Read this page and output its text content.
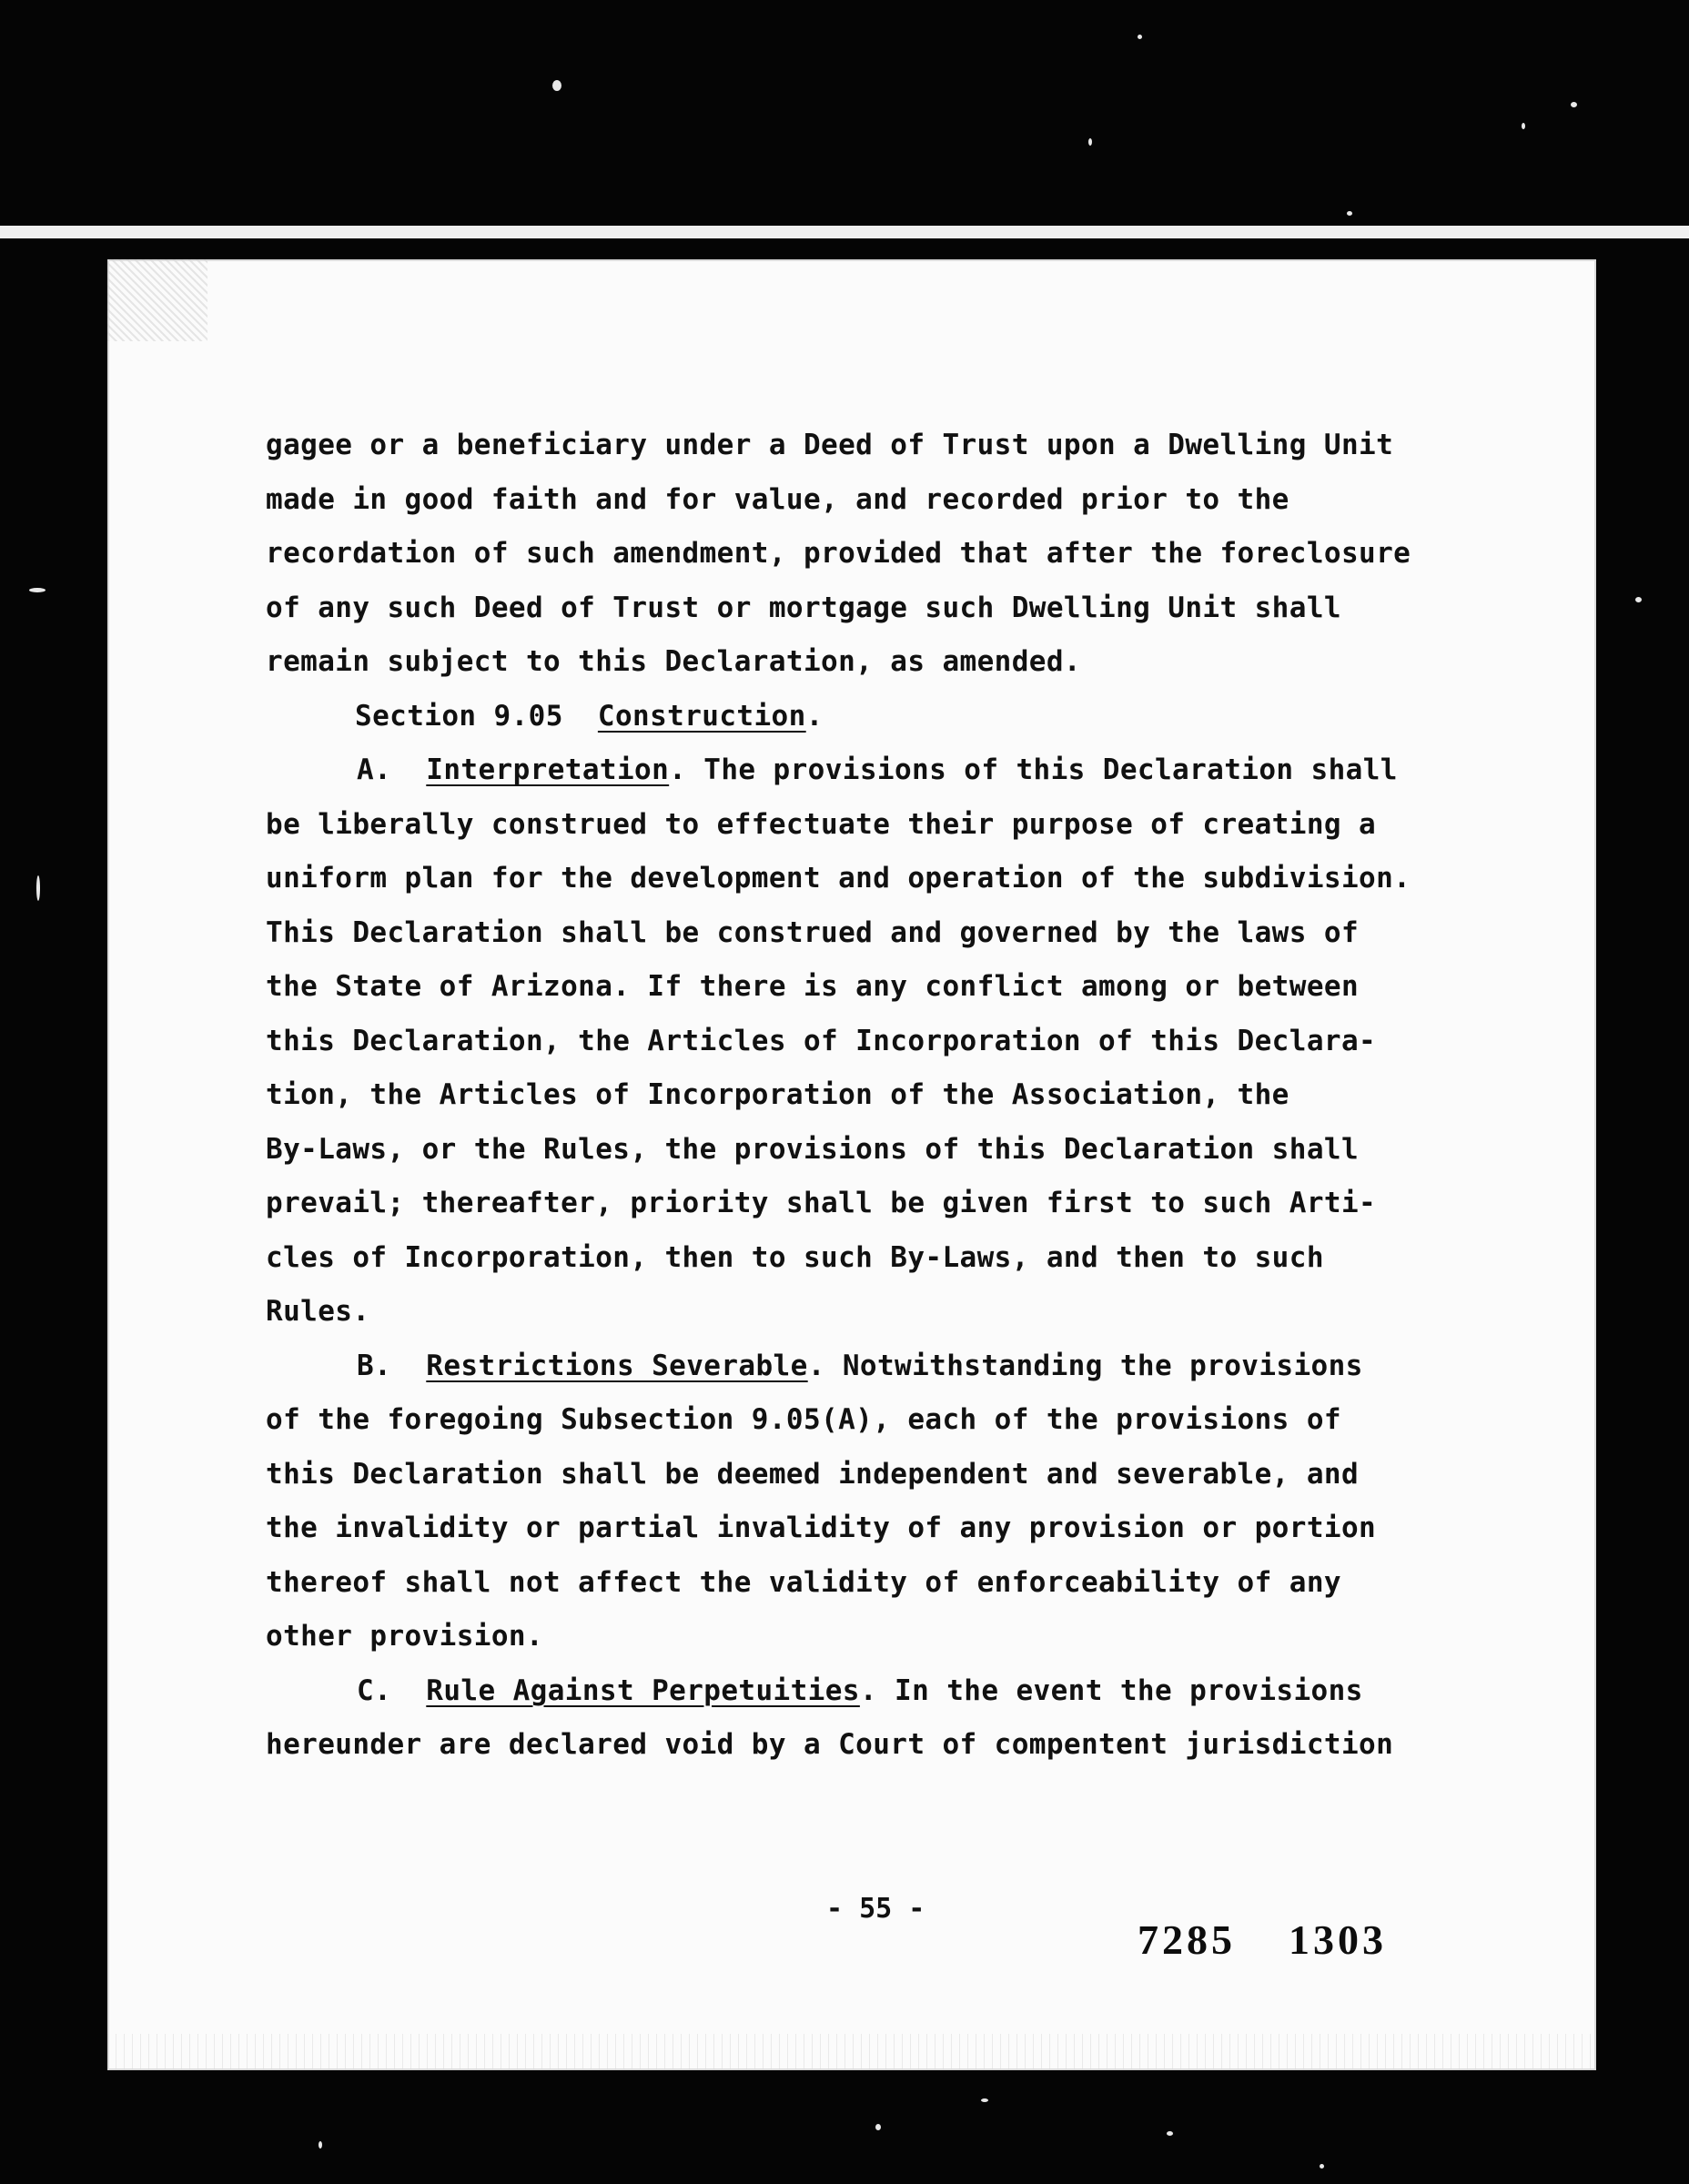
gagee or a beneficiary under a Deed of Trust upon a Dwelling Unit
made in good faith and for value, and recorded prior to the
recordation of such amendment, provided that after the foreclosure
of any such Deed of Trust or mortgage such Dwelling Unit shall
remain subject to this Declaration, as amended.
Section 9.05 Construction.
A. Interpretation. The provisions of this Declaration shall
be liberally construed to effectuate their purpose of creating a
uniform plan for the development and operation of the subdivision.
This Declaration shall be construed and governed by the laws of
the State of Arizona. If there is any conflict among or between
this Declaration, the Articles of Incorporation of this Declara-
tion, the Articles of Incorporation of the Association, the
By-Laws, or the Rules, the provisions of this Declaration shall
prevail; thereafter, priority shall be given first to such Arti-
cles of Incorporation, then to such By-Laws, and then to such
Rules.
B. Restrictions Severable. Notwithstanding the provisions
of the foregoing Subsection 9.05(A), each of the provisions of
this Declaration shall be deemed independent and severable, and
the invalidity or partial invalidity of any provision or portion
thereof shall not affect the validity of enforceability of any
other provision.
C. Rule Against Perpetuities. In the event the provisions
hereunder are declared void by a Court of compentent jurisdiction
- 55 -
7285 1303
